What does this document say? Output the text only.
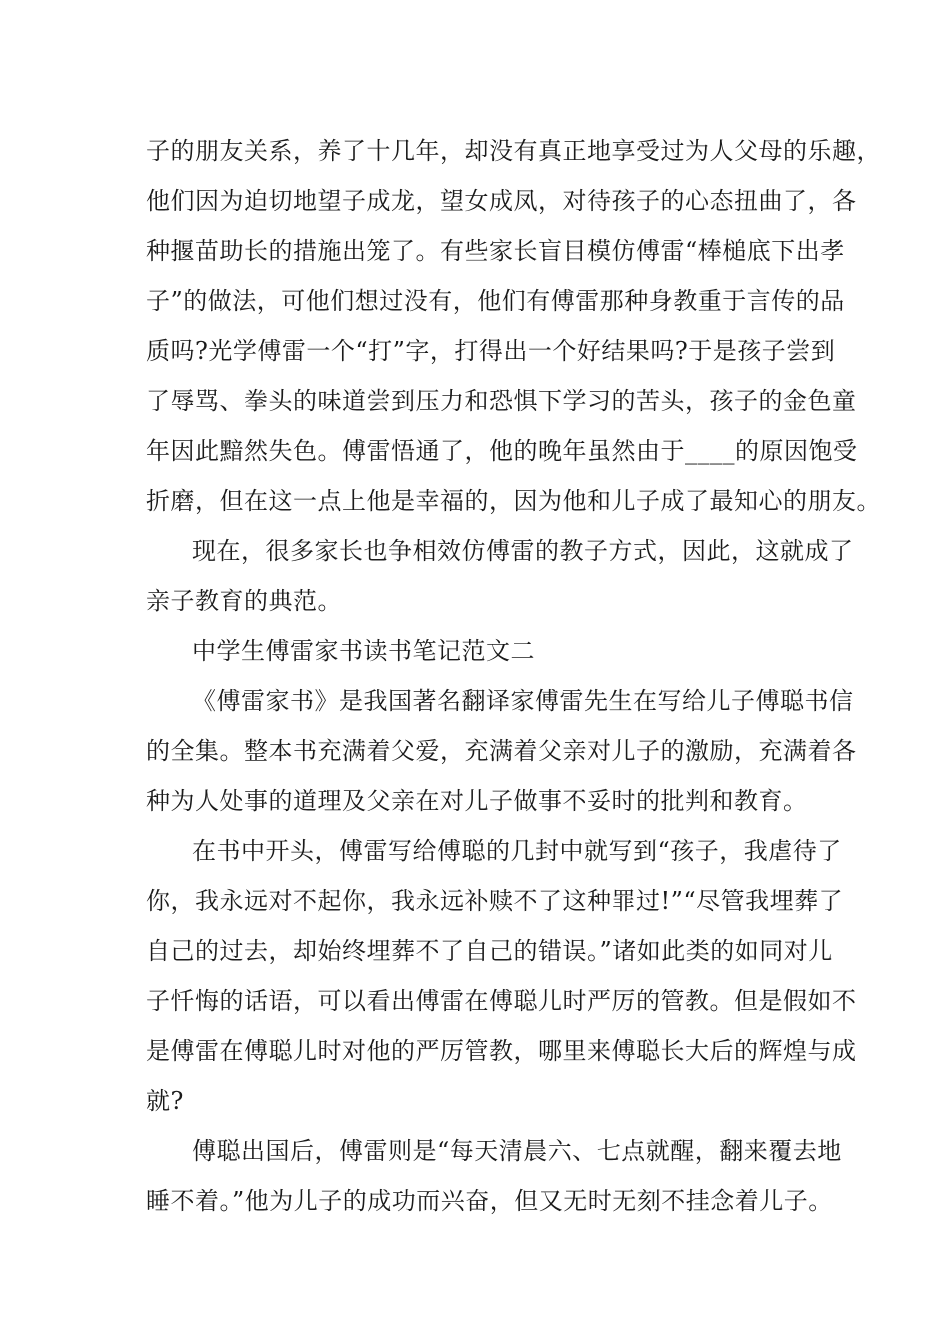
子的朋友关系，养了十几年，却没有真正地享受过为人父母的乐趣，
他们因为迫切地望子成龙，望女成凤，对待孩子的心态扭曲了，各
种揠苗助长的措施出笼了。有些家长盲目模仿傅雷“棒槌底下出孝
子”的做法，可他们想过没有，他们有傅雷那种身教重于言传的品
质吗?光学傅雷一个“打”字，打得出一个好结果吗?于是孩子尝到
了辱骂、拳头的味道尝到压力和恐惧下学习的苦头，孩子的金色童
年因此黯然失色。傅雷悟通了，他的晚年虽然由于____的原因饱受
折磨，但在这一点上他是幸福的，因为他和儿子成了最知心的朋友。
现在，很多家长也争相效仿傅雷的教子方式，因此，这就成了
亲子教育的典范。
中学生傅雷家书读书笔记范文二
《傅雷家书》是我国著名翻译家傅雷先生在写给儿子傅聪书信
的全集。整本书充满着父爱，充满着父亲对儿子的激励，充满着各
种为人处事的道理及父亲在对儿子做事不妥时的批判和教育。
在书中开头，傅雷写给傅聪的几封中就写到“孩子，我虐待了
你，我永远对不起你，我永远补赎不了这种罪过!”“尽管我埋葬了
自己的过去，却始终埋葬不了自己的错误。”诸如此类的如同对儿
子忏悔的话语，可以看出傅雷在傅聪儿时严厉的管教。但是假如不
是傅雷在傅聪儿时对他的严厉管教，哪里来傅聪长大后的辉煌与成
就?
傅聪出国后，傅雷则是“每天清晨六、七点就醒，翻来覆去地
睡不着。”他为儿子的成功而兴奋，但又无时无刻不挂念着儿子。
